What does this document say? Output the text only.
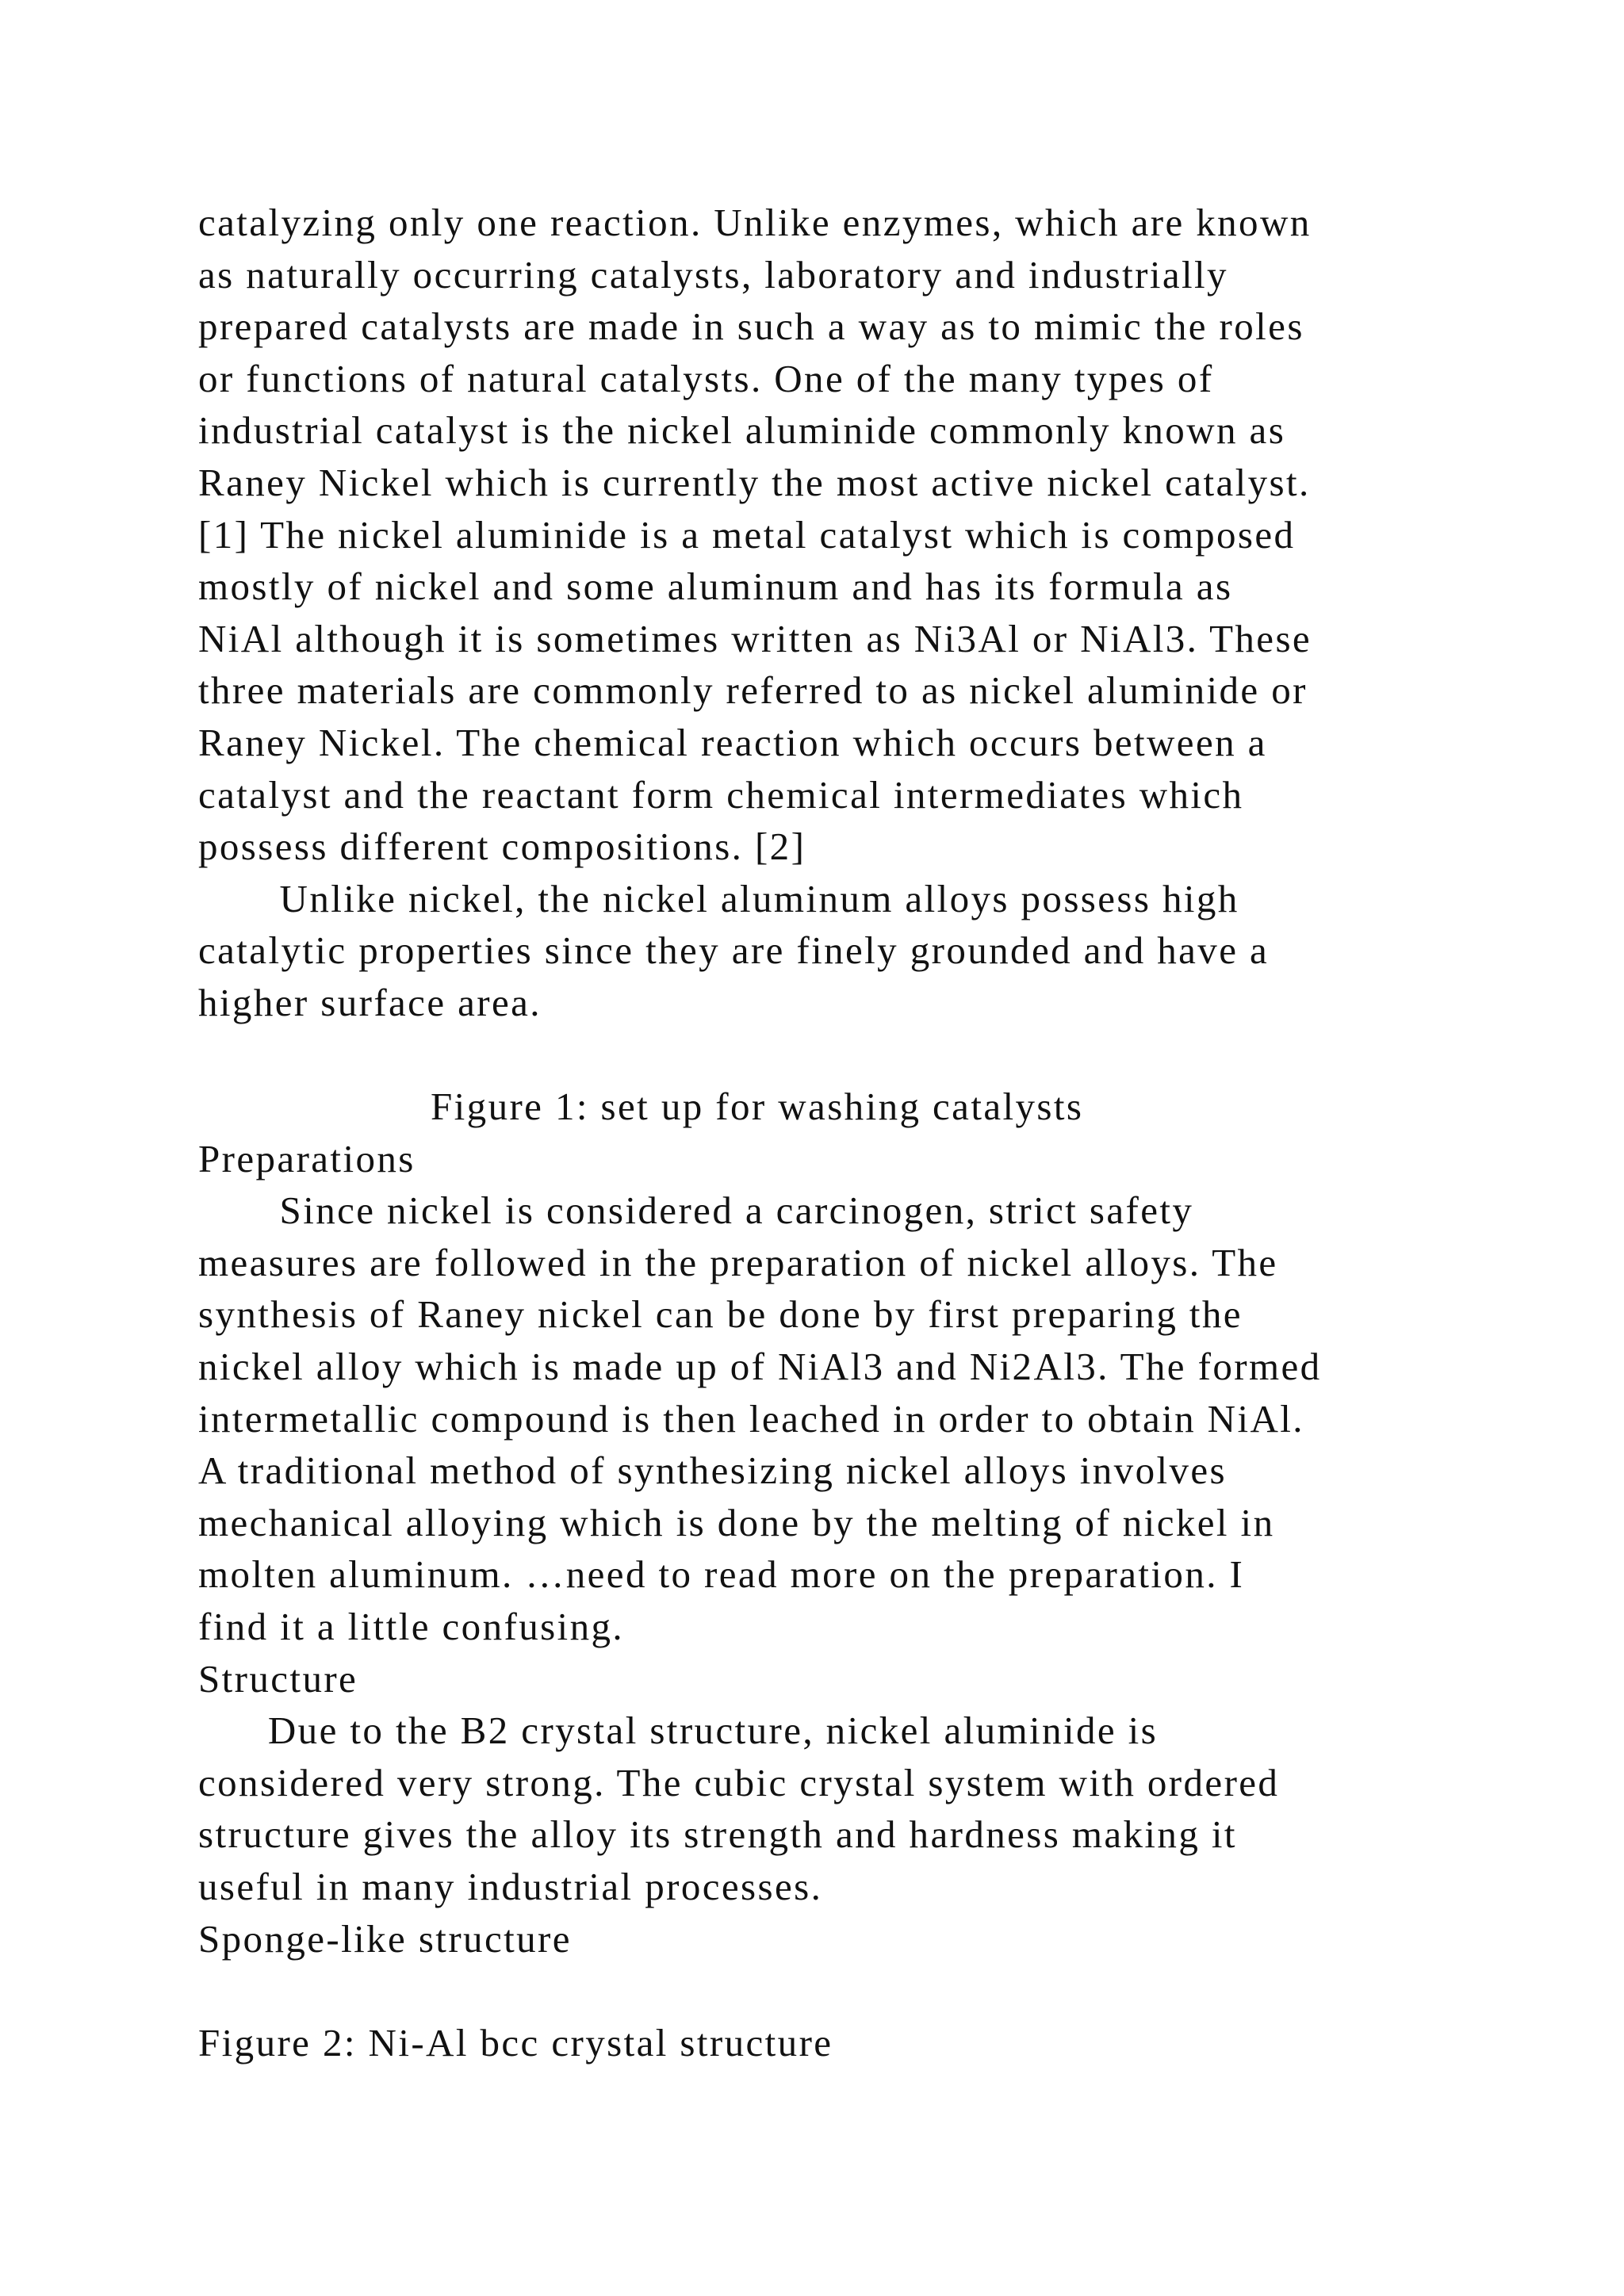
catalyzing only one reaction. Unlike enzymes, which are known
as naturally occurring catalysts, laboratory and industrially
prepared catalysts are made in such a way as to mimic the roles
or functions of natural catalysts. One of the many types of
industrial catalyst is the nickel aluminide commonly known as
Raney Nickel which is currently the most active nickel catalyst.
[1] The nickel aluminide is a metal catalyst which is composed
mostly of nickel and some aluminum and has its formula as
NiAl although it is sometimes written as Ni3Al or NiAl3. These
three materials are commonly referred to as nickel aluminide or
Raney Nickel. The chemical reaction which occurs between a
catalyst and the reactant form chemical intermediates which
possess different compositions. [2]
Unlike nickel, the nickel aluminum alloys possess high
catalytic properties since they are finely grounded and have a
higher surface area.
Figure 1: set up for washing catalysts
Preparations
Since nickel is considered a carcinogen, strict safety
measures are followed in the preparation of nickel alloys. The
synthesis of Raney nickel can be done by first preparing the
nickel alloy which is made up of NiAl3 and Ni2Al3. The formed
intermetallic compound is then leached in order to obtain NiAl.
A traditional method of synthesizing nickel alloys involves
mechanical alloying which is done by the melting of nickel in
molten aluminum. …need to read more on the preparation. I
find it a little confusing.
Structure
Due to the B2 crystal structure, nickel aluminide is
considered very strong. The cubic crystal system with ordered
structure gives the alloy its strength and hardness making it
useful in many industrial processes.
Sponge-like structure
Figure 2: Ni-Al bcc crystal structure
